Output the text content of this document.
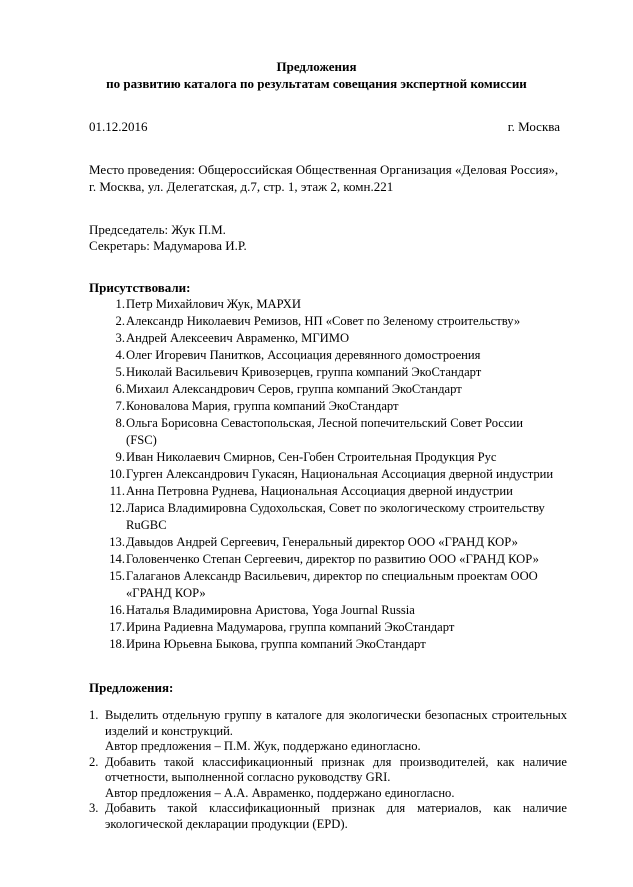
Предложения
по развитию каталога по результатам совещания экспертной комиссии
01.12.2016	г. Москва
Место проведения: Общероссийская Общественная Организация «Деловая Россия»,
г. Москва, ул. Делегатская, д.7, стр. 1, этаж 2, комн.221
Председатель: Жук П.М.
Секретарь: Мадумарова И.Р.
Присутствовали:
1. Петр Михайлович Жук, МАРХИ
2. Александр Николаевич Ремизов, НП «Совет по Зеленому строительству»
3. Андрей Алексеевич Авраменко, МГИМО
4. Олег Игоревич Панитков, Ассоциация деревянного домостроения
5. Николай Васильевич Кривозерцев, группа компаний ЭкоСтандарт
6. Михаил Александрович Серов, группа компаний ЭкоСтандарт
7. Коновалова Мария, группа компаний ЭкоСтандарт
8. Ольга Борисовна Севастопольская, Лесной попечительский Совет России
(FSC)
9. Иван Николаевич Смирнов, Сен-Гобен Строительная Продукция Рус
10. Гурген Александрович Гукасян, Национальная Ассоциация дверной индустрии
11. Анна Петровна Руднева, Национальная Ассоциация дверной индустрии
12. Лариса Владимировна Судохольская, Совет по экологическому строительству
RuGBC
13. Давыдов Андрей Сергеевич, Генеральный директор ООО «ГРАНД КОР»
14. Головенченко Степан Сергеевич, директор по развитию ООО «ГРАНД КОР»
15. Галаганов Александр Васильевич, директор по специальным проектам ООО
«ГРАНД КОР»
16. Наталья Владимировна Аристова, Yoga Journal Russia
17. Ирина Радиевна Мадумарова, группа компаний ЭкоСтандарт
18. Ирина Юрьевна Быкова, группа компаний ЭкоСтандарт
Предложения:
1. Выделить отдельную группу в каталоге для экологически безопасных строительных изделий и конструкций.
Автор предложения – П.М. Жук, поддержано единогласно.
2. Добавить такой классификационный признак для производителей, как наличие отчетности, выполненной согласно руководству GRI.
Автор предложения – А.А. Авраменко, поддержано единогласно.
3. Добавить такой классификационный признак для материалов, как наличие экологической декларации продукции (EPD).
